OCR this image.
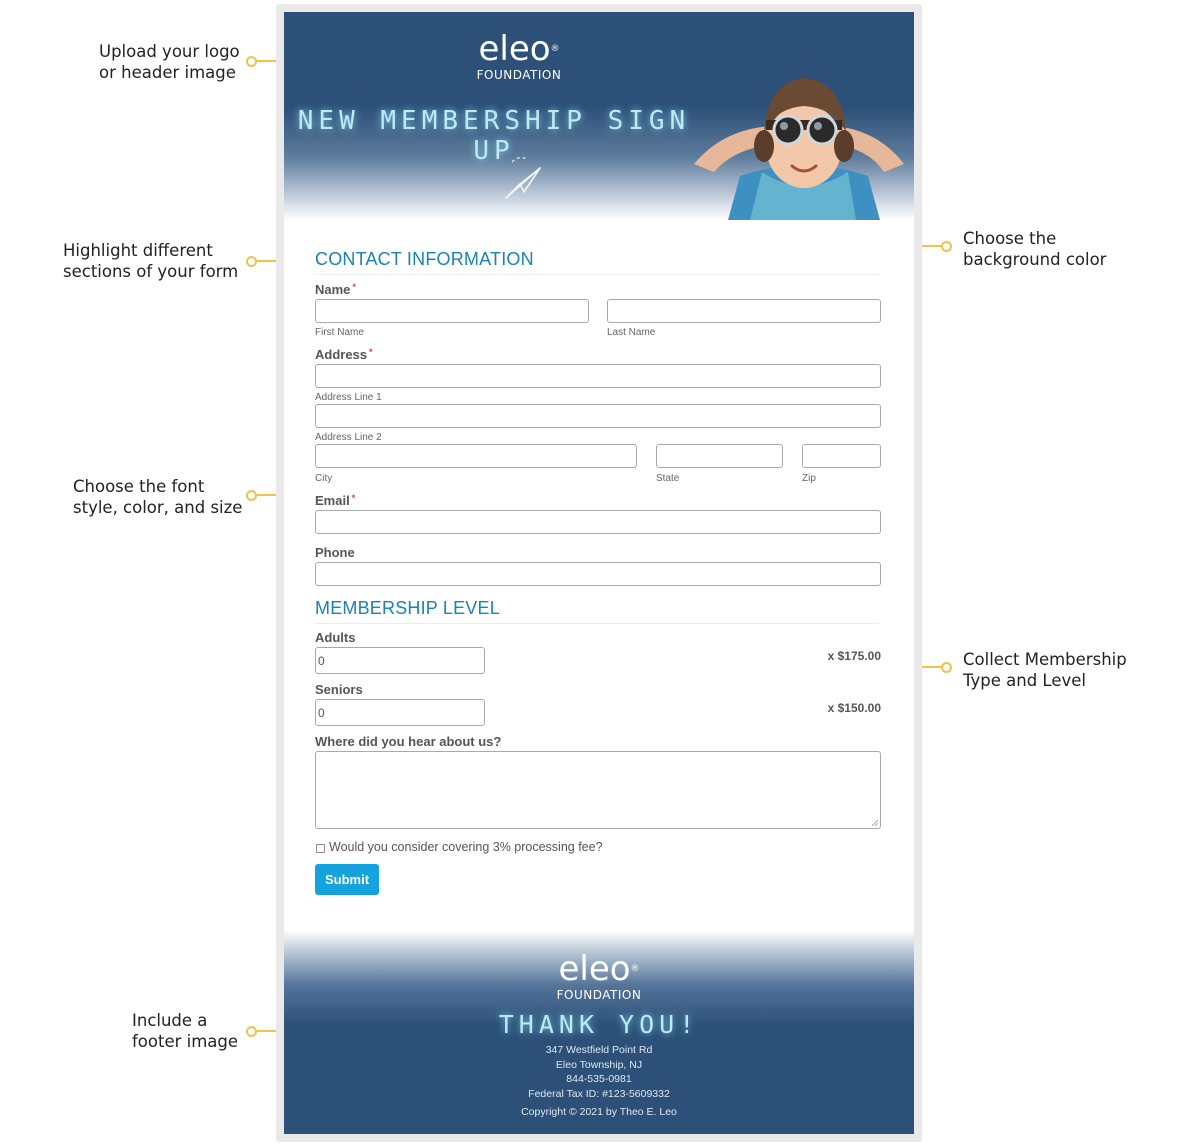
Upload your logo
or header image
Highlight different
sections of your form
Choose the font
style, color, and size
Include a
footer image
Choose the
background color
Collect Membership
Type and Level
eleo®
FOUNDATION
NEW MEMBERSHIP SIGN UP
CONTACT INFORMATION
Name *
First Name	Last Name
Address *
Address Line 1
Address Line 2
City	State	Zip
Email *
Phone
MEMBERSHIP LEVEL
Adults
0
x $175.00
Seniors
0
x $150.00
Where did you hear about us?
Would you consider covering 3% processing fee?
Submit
eleo®
FOUNDATION
THANK YOU!
347 Westfield Point Rd
Eleo Township, NJ
844-535-0981
Federal Tax ID: #123-5609332
Copyright © 2021 by Theo E. Leo
